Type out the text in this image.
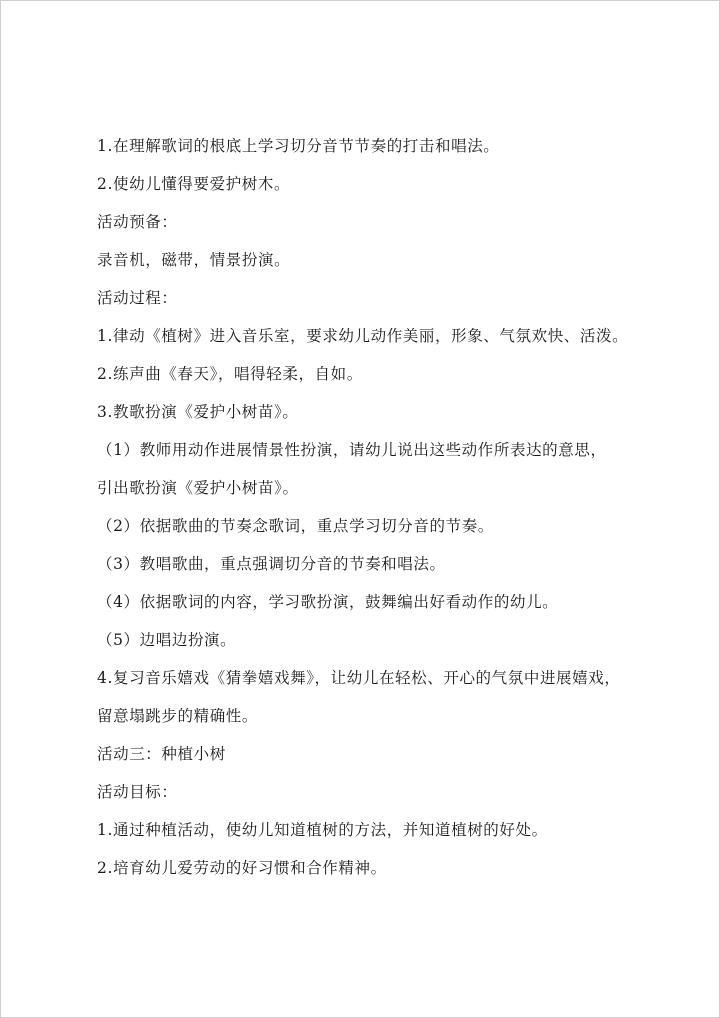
1.在理解歌词的根底上学习切分音节节奏的打击和唱法。
2.使幼儿懂得要爱护树木。
活动预备：
录音机，磁带，情景扮演。
活动过程：
1.律动《植树》进入音乐室，要求幼儿动作美丽，形象、气氛欢快、活泼。
2.练声曲《春天》，唱得轻柔，自如。
3.教歌扮演《爱护小树苗》。
（1）教师用动作进展情景性扮演，请幼儿说出这些动作所表达的意思，
引出歌扮演《爱护小树苗》。
（2）依据歌曲的节奏念歌词，重点学习切分音的节奏。
（3）教唱歌曲，重点强调切分音的节奏和唱法。
（4）依据歌词的内容，学习歌扮演，鼓舞编出好看动作的幼儿。
（5）边唱边扮演。
4.复习音乐嬉戏《猜拳嬉戏舞》，让幼儿在轻松、开心的气氛中进展嬉戏，
留意塌跳步的精确性。
活动三：种植小树
活动目标：
1.通过种植活动，使幼儿知道植树的方法，并知道植树的好处。
2.培育幼儿爱劳动的好习惯和合作精神。
